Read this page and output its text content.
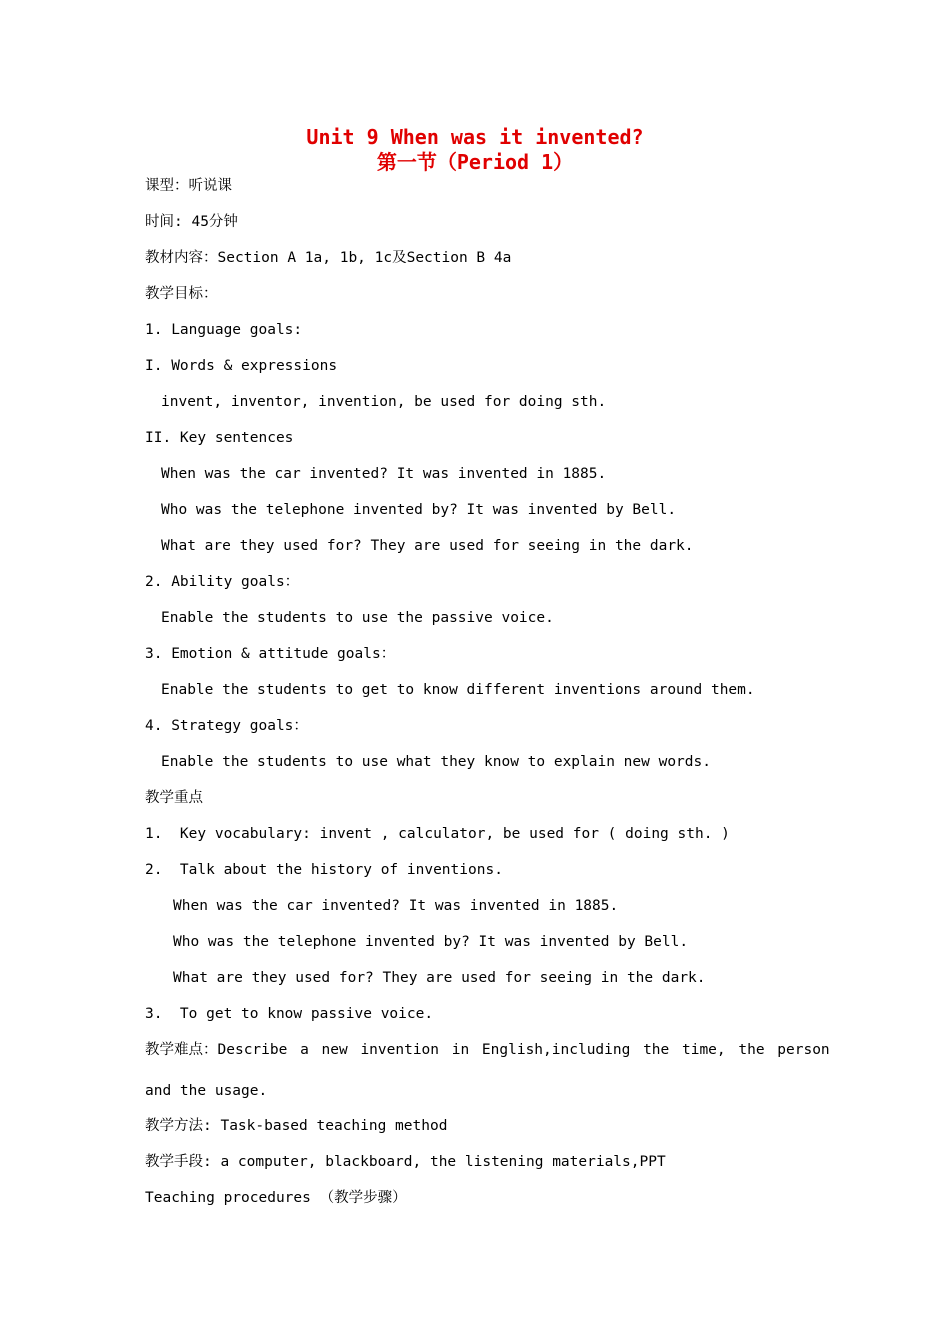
Unit 9 When was it invented?
第一节（Period 1）
课型：听说课
时间: 45分钟
教材内容：Section A 1a, 1b, 1c及Section B 4a
教学目标：
1. Language goals:
I. Words & expressions
invent, inventor, invention, be used for doing sth.
II. Key sentences
When was the car invented? It was invented in 1885.
Who was the telephone invented by? It was invented by Bell.
What are they used for? They are used for seeing in the dark.
2. Ability goals：
Enable the students to use the passive voice.
3. Emotion & attitude goals：
Enable the students to get to know different inventions around them.
4. Strategy goals：
Enable the students to use what they know to explain new words.
教学重点
1.  Key vocabulary: invent , calculator, be used for ( doing sth. )
2.  Talk about the history of inventions.
When was the car invented? It was invented in 1885.
Who was the telephone invented by? It was invented by Bell.
What are they used for? They are used for seeing in the dark.
3.  To get to know passive voice.
教学难点：Describe a new invention in English,including the time, the person
and the usage.
教学方法: Task-based teaching method
教学手段: a computer, blackboard, the listening materials,PPT
Teaching procedures （教学步骤）
